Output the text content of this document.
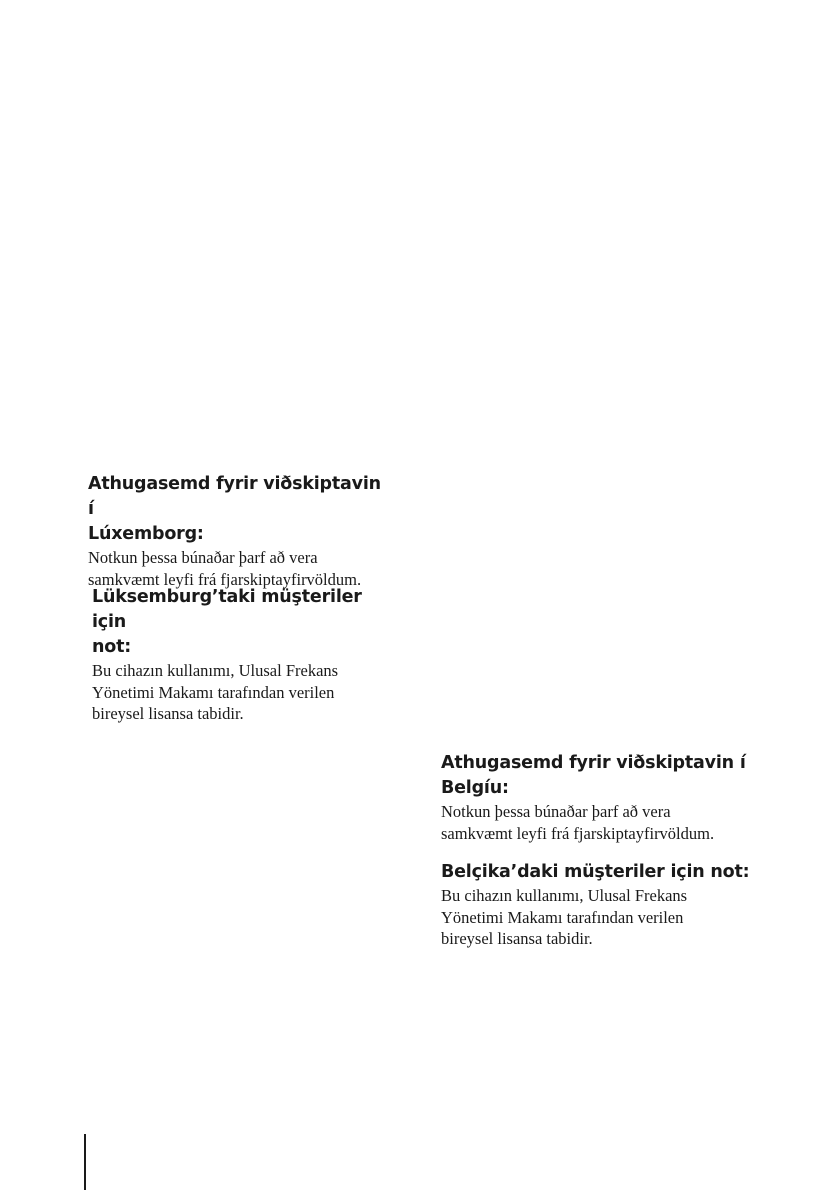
Athugasemd fyrir viðskiptavin í
Lúxemborg:

Notkun þessa búnaðar þarf að vera
samkvæmt leyfi frá fjarskiptayfirvöldum.

Lüksemburg’taki müşteriler için
not:

Bu cihazın kullanımı, Ulusal Frekans
Yönetimi Makamı tarafından verilen
bireysel lisansa tabidir.

Athugasemd fyrir viðskiptavin í
Belgíu:

Notkun þessa búnaðar þarf að vera
samkvæmt leyfi frá fjarskiptayfirvöldum.

Belçika’daki müşteriler için not:

Bu cihazın kullanımı, Ulusal Frekans
Yönetimi Makamı tarafından verilen
bireysel lisansa tabidir.
